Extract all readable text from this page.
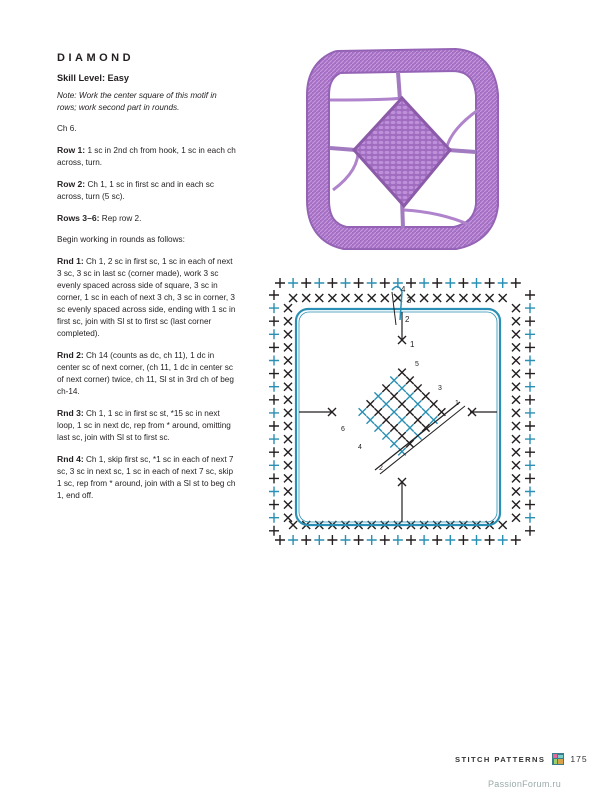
DIAMOND
Skill Level: Easy
Note: Work the center square of this motif in rows; work second part in rounds.
Ch 6.
Row 1: 1 sc in 2nd ch from hook, 1 sc in each ch across, turn.
Row 2: Ch 1, 1 sc in first sc and in each sc across, turn (5 sc).
Rows 3–6: Rep row 2.
Begin working in rounds as follows:
Rnd 1: Ch 1, 2 sc in first sc, 1 sc in each of next 3 sc, 3 sc in last sc (corner made), work 3 sc evenly spaced across side of square, 3 sc in corner, 1 sc in each of next 3 ch, 3 sc in corner, 3 sc evenly spaced across side, ending with 1 sc in first sc, join with Sl st to first sc (last corner completed).
Rnd 2: Ch 14 (counts as dc, ch 11), 1 dc in center sc of next corner, (ch 11, 1 dc in center sc of next corner) twice, ch 11, Sl st in 3rd ch of beg ch-14.
Rnd 3: Ch 1, 1 sc in first sc st, *15 sc in next loop, 1 sc in next dc, rep from * around, omitting last sc, join with Sl st to first sc.
Rnd 4: Ch 1, skip first sc, *1 sc in each of next 7 sc, 3 sc in next sc, 1 sc in each of next 7 sc, skip 1 sc, rep from * around, join with a Sl st to beg ch 1, end off.
4
3
2
1
5
6
4
3
1
2
STITCH PATTERNS	175
PassionForum.ru
